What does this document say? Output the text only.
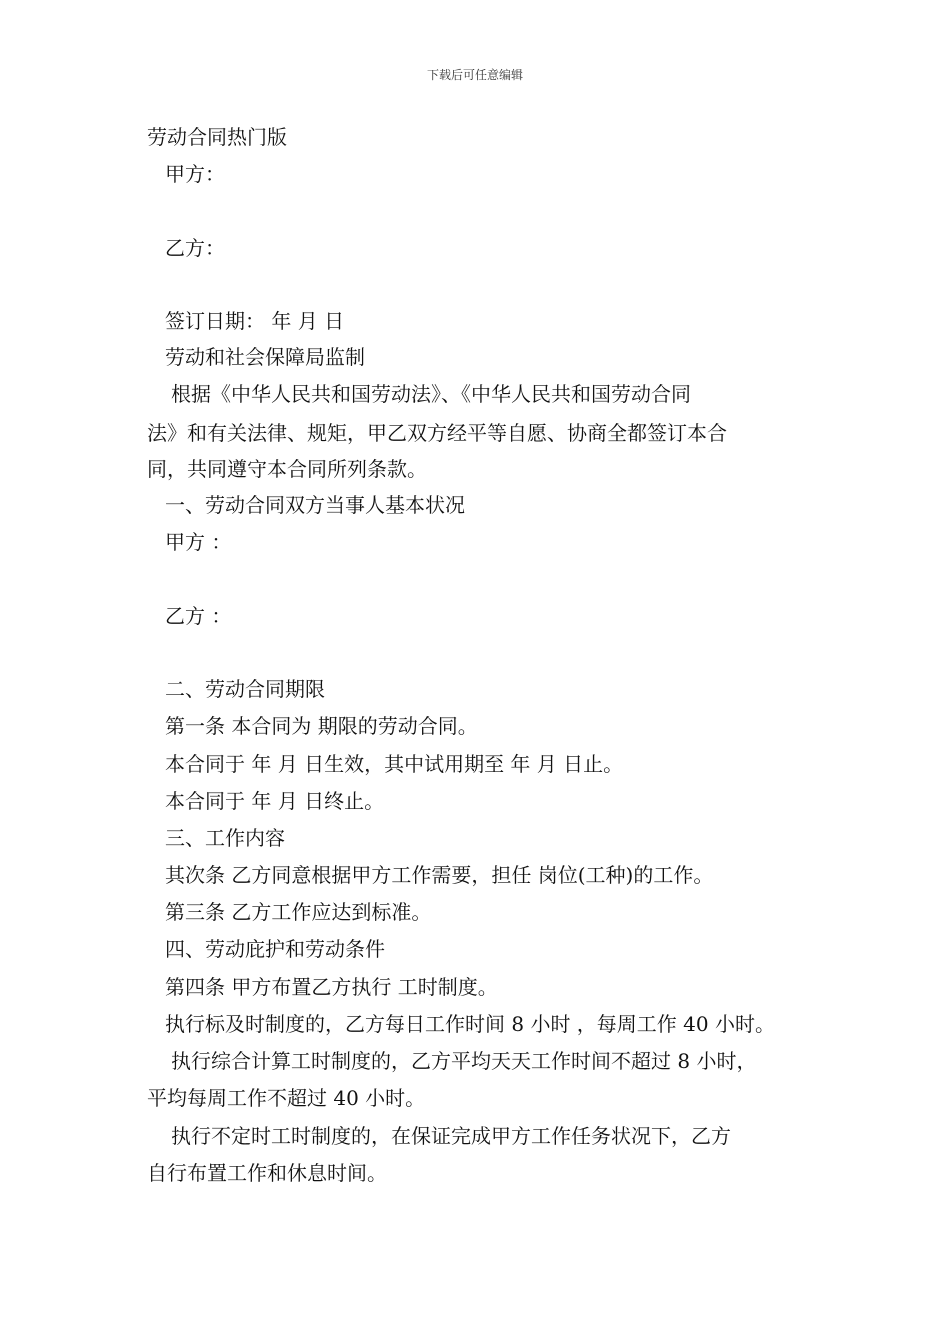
下载后可任意编辑
劳动合同热门版
甲方：
乙方：
签订日期： 年 月 日
劳动和社会保障局监制
根据《中华人民共和国劳动法》、《中华人民共和国劳动合同
法》和有关法律、规矩，甲乙双方经平等自愿、协商全都签订本合
同，共同遵守本合同所列条款。
一、劳动合同双方当事人基本状况
甲方 ：
乙方 ：
二、劳动合同期限
第一条 本合同为 期限的劳动合同。
本合同于 年 月 日生效，其中试用期至 年 月 日止。
本合同于 年 月 日终止。
三、工作内容
其次条 乙方同意根据甲方工作需要，担任 岗位(工种)的工作。
第三条 乙方工作应达到标准。
四、劳动庇护和劳动条件
第四条 甲方布置乙方执行 工时制度。
执行标及时制度的，乙方每日工作时间 8 小时 ，每周工作 40 小时。
执行综合计算工时制度的，乙方平均天天工作时间不超过 8 小时，
平均每周工作不超过 40 小时。
执行不定时工时制度的，在保证完成甲方工作任务状况下，乙方
自行布置工作和休息时间。
